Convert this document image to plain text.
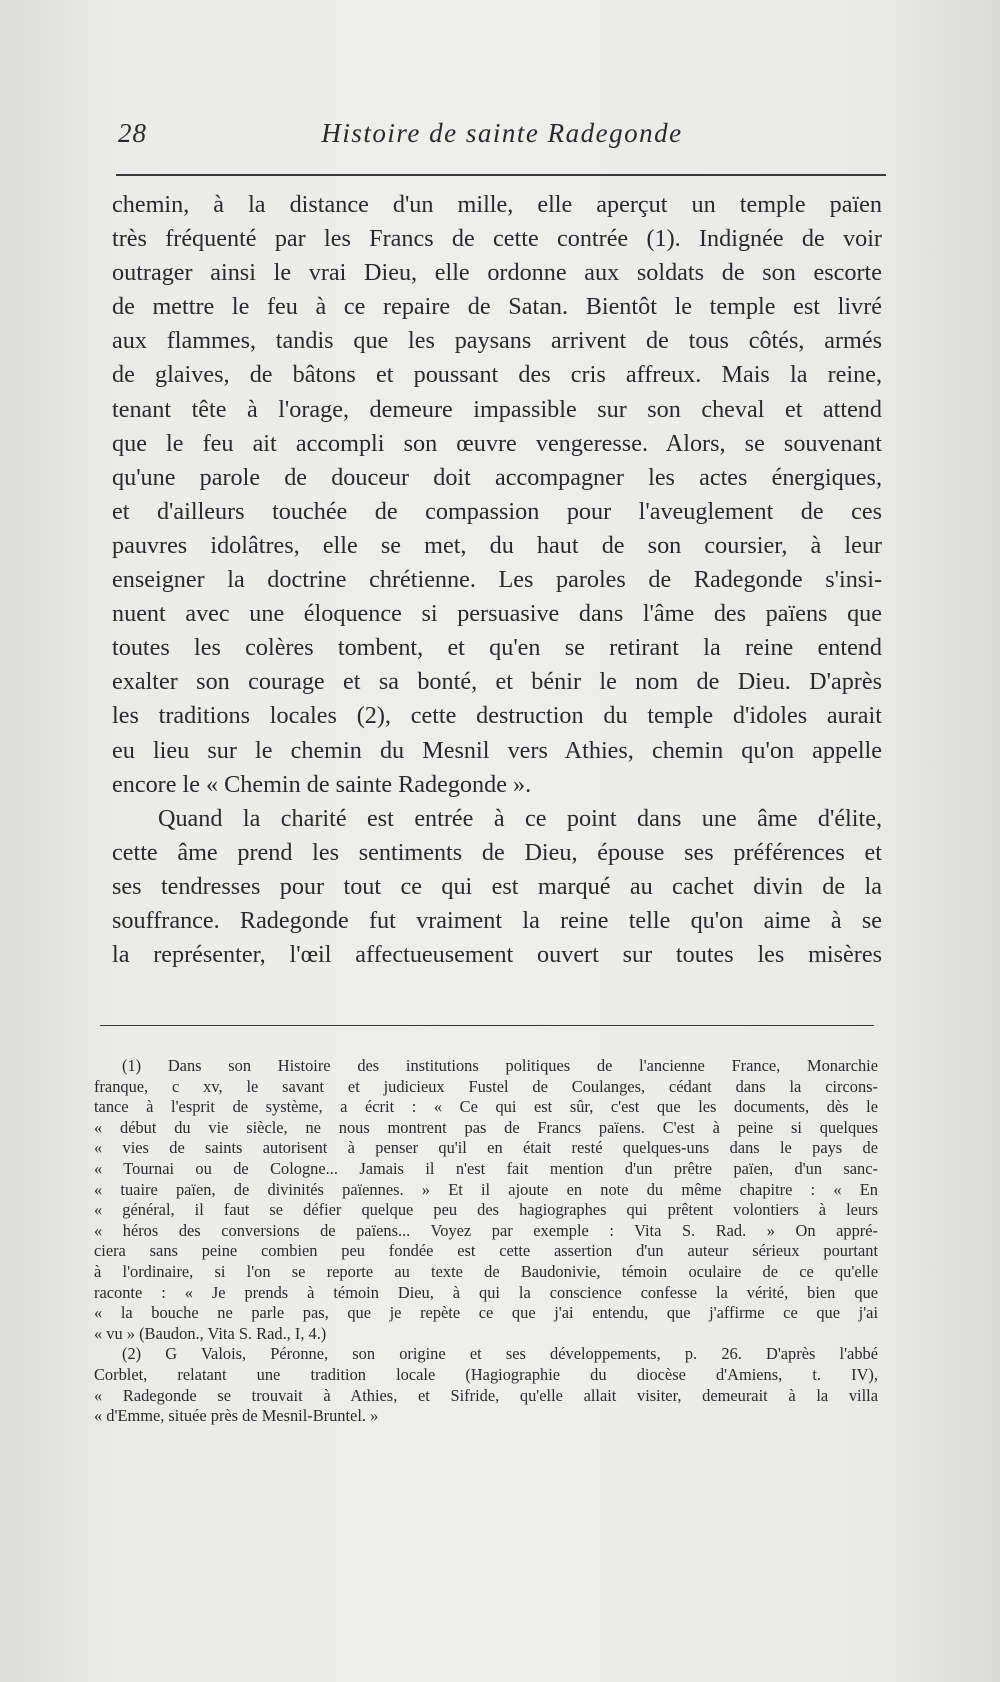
28	Histoire de sainte Radegonde
chemin, à la distance d'un mille, elle aperçut un temple païen
très fréquenté par les Francs de cette contrée (1). Indignée de voir
outrager ainsi le vrai Dieu, elle ordonne aux soldats de son escorte
de mettre le feu à ce repaire de Satan. Bientôt le temple est livré
aux flammes, tandis que les paysans arrivent de tous côtés, armés
de glaives, de bâtons et poussant des cris affreux. Mais la reine,
tenant tête à l'orage, demeure impassible sur son cheval et attend
que le feu ait accompli son œuvre vengeresse. Alors, se souvenant
qu'une parole de douceur doit accompagner les actes énergiques,
et d'ailleurs touchée de compassion pour l'aveuglement de ces
pauvres idolâtres, elle se met, du haut de son coursier, à leur
enseigner la doctrine chrétienne. Les paroles de Radegonde s'insi-
nuent avec une éloquence si persuasive dans l'âme des païens que
toutes les colères tombent, et qu'en se retirant la reine entend
exalter son courage et sa bonté, et bénir le nom de Dieu. D'après
les traditions locales (2), cette destruction du temple d'idoles aurait
eu lieu sur le chemin du Mesnil vers Athies, chemin qu'on appelle
encore le « Chemin de sainte Radegonde ».
Quand la charité est entrée à ce point dans une âme d'élite,
cette âme prend les sentiments de Dieu, épouse ses préférences et
ses tendresses pour tout ce qui est marqué au cachet divin de la
souffrance. Radegonde fut vraiment la reine telle qu'on aime à se
la représenter, l'œil affectueusement ouvert sur toutes les misères
(1) Dans son Histoire des institutions politiques de l'ancienne France, Monarchie
franque, c xv, le savant et judicieux Fustel de Coulanges, cédant dans la circons-
tance à l'esprit de système, a écrit : « Ce qui est sûr, c'est que les documents, dès le
« début du vie siècle, ne nous montrent pas de Francs païens. C'est à peine si quelques
« vies de saints autorisent à penser qu'il en était resté quelques-uns dans le pays de
« Tournai ou de Cologne... Jamais il n'est fait mention d'un prêtre païen, d'un sanc-
« tuaire païen, de divinités païennes. » Et il ajoute en note du même chapitre : « En
« général, il faut se défier quelque peu des hagiographes qui prêtent volontiers à leurs
« héros des conversions de païens... Voyez par exemple : Vita S. Rad. » On appré-
ciera sans peine combien peu fondée est cette assertion d'un auteur sérieux pourtant
à l'ordinaire, si l'on se reporte au texte de Baudonivie, témoin oculaire de ce qu'elle
raconte : « Je prends à témoin Dieu, à qui la conscience confesse la vérité, bien que
« la bouche ne parle pas, que je repète ce que j'ai entendu, que j'affirme ce que j'ai
« vu » (Baudon., Vita S. Rad., I, 4.)
(2) G Valois, Péronne, son origine et ses développements, p. 26. D'après l'abbé
Corblet, relatant une tradition locale (Hagiographie du diocèse d'Amiens, t. IV),
« Radegonde se trouvait à Athies, et Sifride, qu'elle allait visiter, demeurait à la villa
« d'Emme, située près de Mesnil-Bruntel. »
